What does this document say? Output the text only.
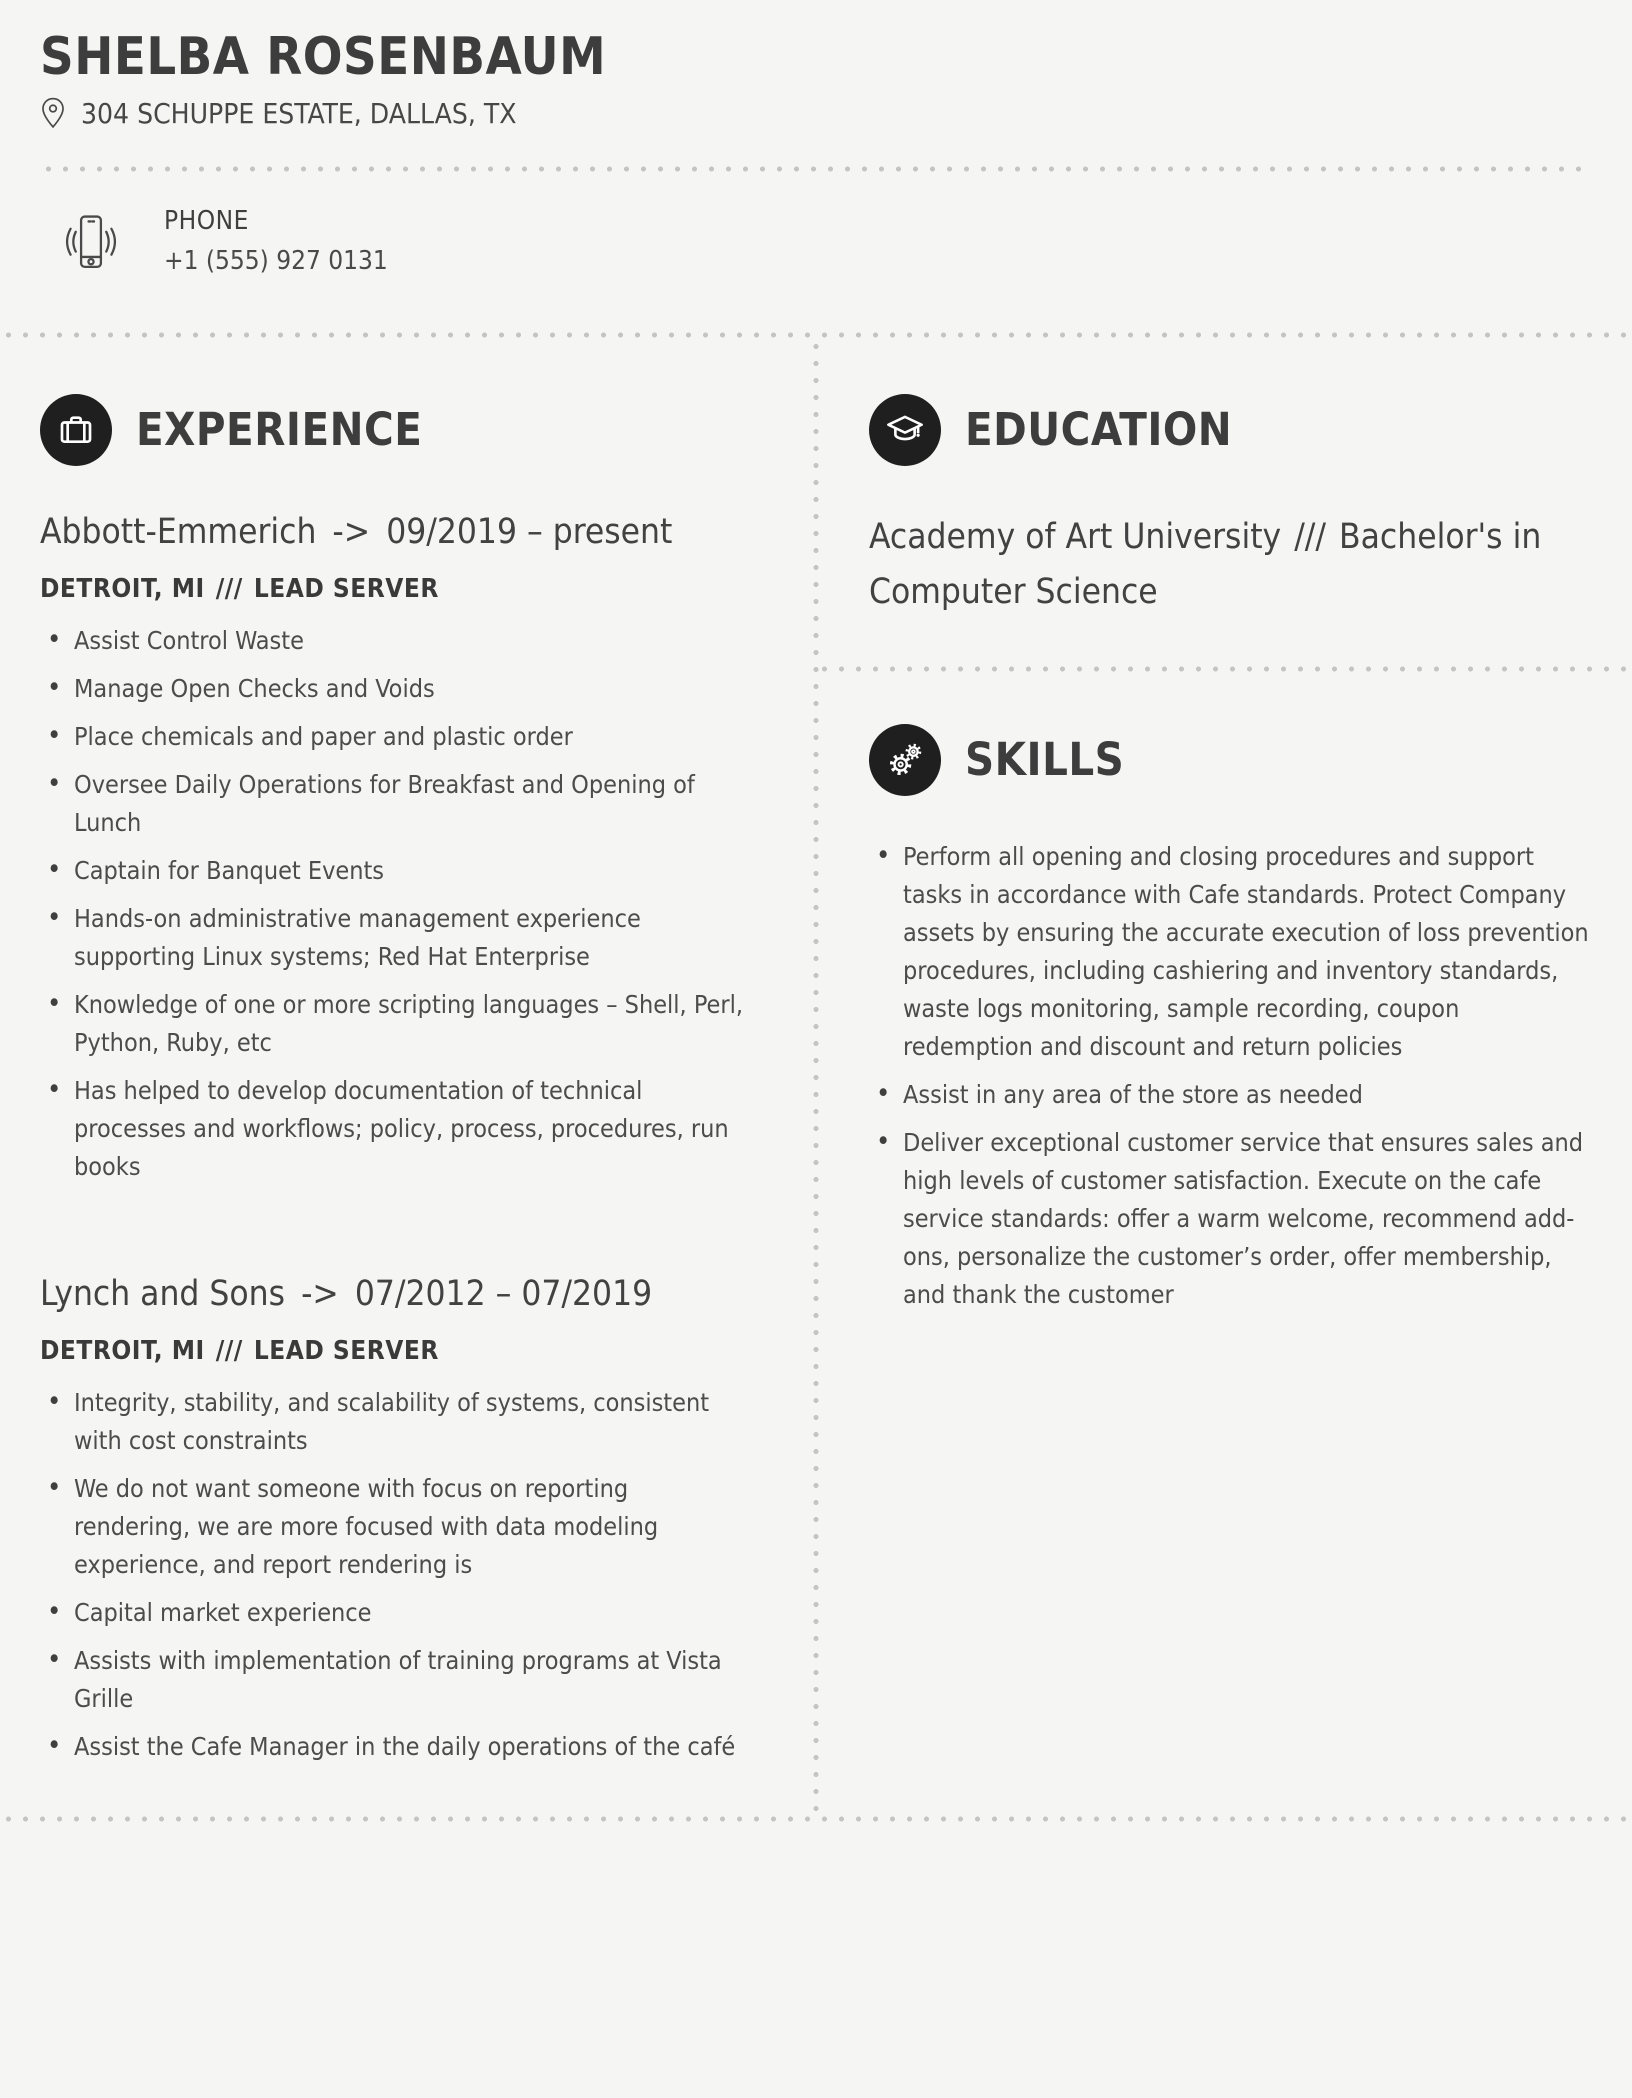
SHELBA ROSENBAUM
304 SCHUPPE ESTATE, DALLAS, TX
PHONE
+1 (555) 927 0131
EXPERIENCE
Abbott-Emmerich -> 09/2019 – present
DETROIT, MI /// LEAD SERVER
• Assist Control Waste
• Manage Open Checks and Voids
• Place chemicals and paper and plastic order
• Oversee Daily Operations for Breakfast and Opening of Lunch
• Captain for Banquet Events
• Hands-on administrative management experience supporting Linux systems; Red Hat Enterprise
• Knowledge of one or more scripting languages – Shell, Perl, Python, Ruby, etc
• Has helped to develop documentation of technical processes and workflows; policy, process, procedures, run books
Lynch and Sons -> 07/2012 – 07/2019
DETROIT, MI /// LEAD SERVER
• Integrity, stability, and scalability of systems, consistent with cost constraints
• We do not want someone with focus on reporting rendering, we are more focused with data modeling experience, and report rendering is
• Capital market experience
• Assists with implementation of training programs at Vista Grille
• Assist the Cafe Manager in the daily operations of the café
EDUCATION

Academy of Art University /// Bachelor's in Computer Science

SKILLS
• Perform all opening and closing procedures and support tasks in accordance with Cafe standards. Protect Company assets by ensuring the accurate execution of loss prevention procedures, including cashiering and inventory standards, waste logs monitoring, sample recording, coupon redemption and discount and return policies
• Assist in any area of the store as needed
• Deliver exceptional customer service that ensures sales and high levels of customer satisfaction. Execute on the cafe service standards: offer a warm welcome, recommend add-ons, personalize the customer’s order, offer membership, and thank the customer
